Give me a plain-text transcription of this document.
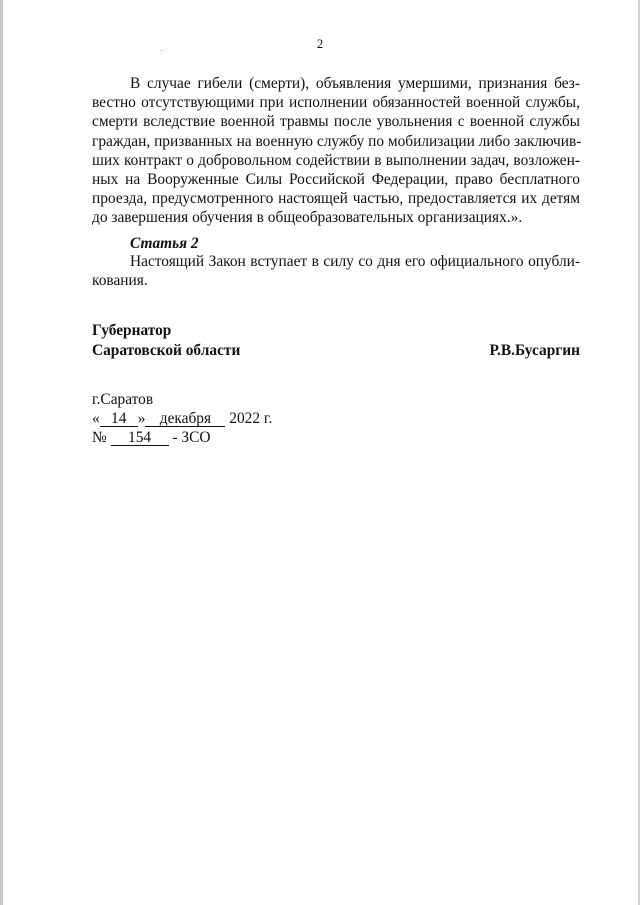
2
В случае гибели (смерти), объявления умершими, признания без-
вестно отсутствующими при исполнении обязанностей военной службы,
смерти вследствие военной травмы после увольнения с военной службы
граждан, призванных на военную службу по мобилизации либо заключив-
ших контракт о добровольном содействии в выполнении задач, возложен-
ных на Вооруженные Силы Российской Федерации, право бесплатного
проезда, предусмотренного настоящей частью, предоставляется их детям
до завершения обучения в общеобразовательных организациях.».
Статья 2
Настоящий Закон вступает в силу со дня его официального опубли-
кования.
Губернатор
Саратовской области	Р.В.Бусаргин
г.Саратов
« 14 » декабря 2022 г.
№ 154 - ЗСО
